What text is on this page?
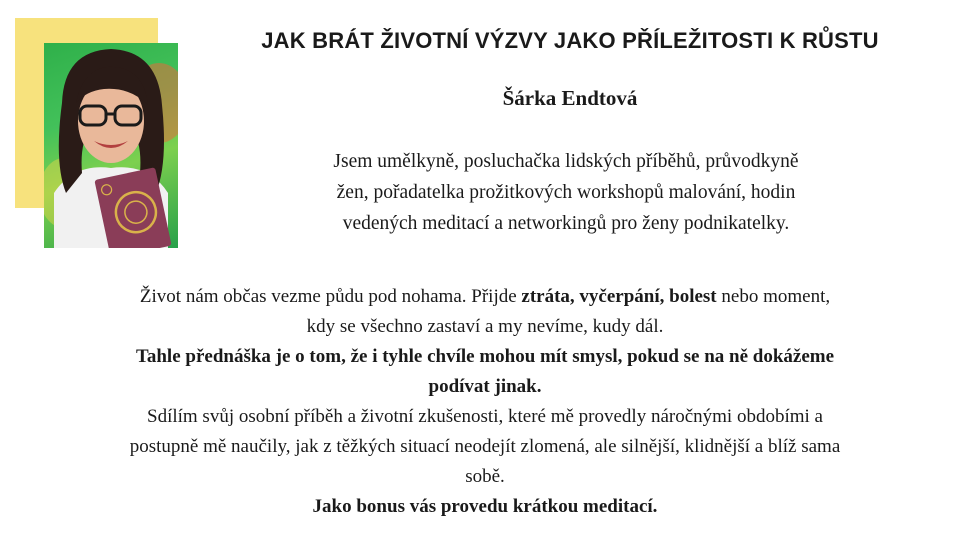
JAK BRÁT ŽIVOTNÍ VÝZVY JAKO PŘÍLEŽITOSTI K RŮSTU
Šárka Endtová
Jsem umělkyně, posluchačka lidských příběhů, průvodkyně
žen, pořadatelka prožitkových workshopů malování, hodin
vedených meditací a networkingů pro ženy podnikatelky.

Život nám občas vezme půdu pod nohama. Přijde ztráta, vyčerpání, bolest nebo moment,

kdy se všechno zastaví a my nevíme, kudy dál.

Tahle přednáška je o tom, že i tyhle chvíle mohou mít smysl, pokud se na ně dokážeme

podívat jinak.

Sdílím svůj osobní příběh a životní zkušenosti, které mě provedly náročnými obdobími a

postupně mě naučily, jak z těžkých situací neodejít zlomená, ale silnější, klidnější a blíž sama

sobě.

Jako bonus vás provedu krátkou meditací.
